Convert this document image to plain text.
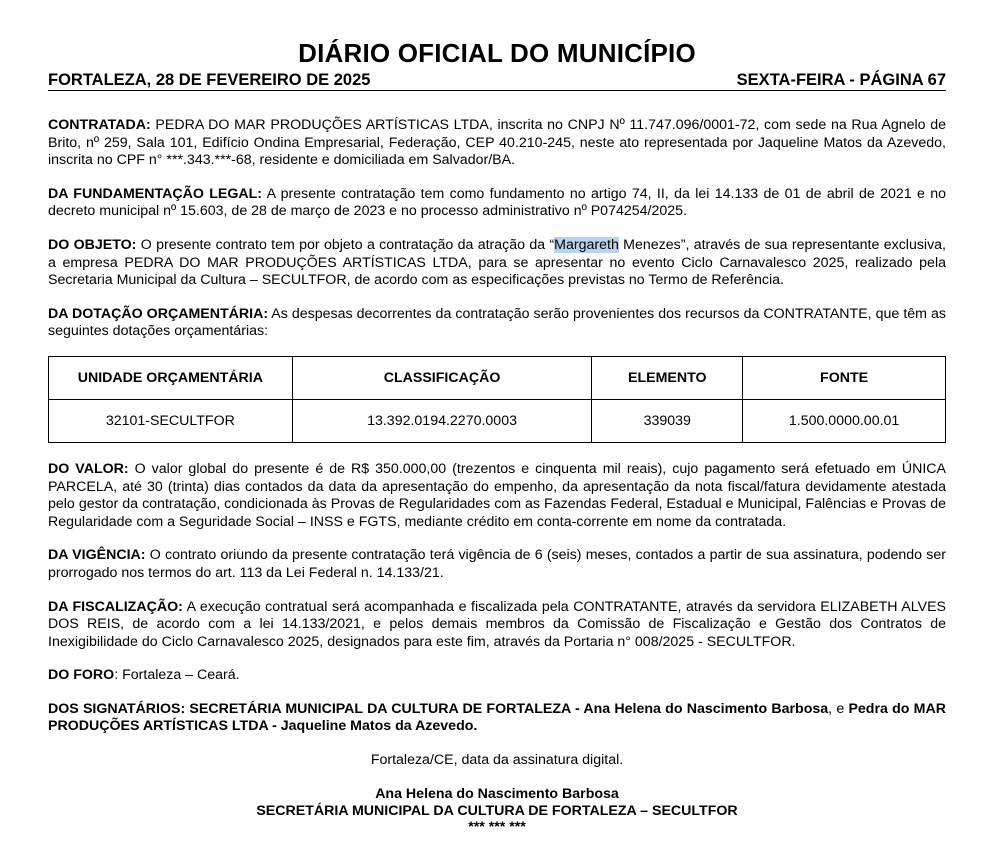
DIÁRIO OFICIAL DO MUNICÍPIO
FORTALEZA, 28 DE FEVEREIRO DE 2025	SEXTA-FEIRA - PÁGINA 67

CONTRATADA: PEDRA DO MAR PRODUÇÕES ARTÍSTICAS LTDA, inscrita no CNPJ Nº 11.747.096/0001-72, com sede na Rua Agnelo de Brito, nº 259, Sala 101, Edifício Ondina Empresarial, Federação, CEP 40.210-245, neste ato representada por Jaqueline Matos da Azevedo, inscrita no CPF n° ***.343.***-68, residente e domiciliada em Salvador/BA.

DA FUNDAMENTAÇÃO LEGAL: A presente contratação tem como fundamento no artigo 74, II, da lei 14.133 de 01 de abril de 2021 e no decreto municipal nº 15.603, de 28 de março de 2023 e no processo administrativo nº P074254/2025.

DO OBJETO: O presente contrato tem por objeto a contratação da atração da “Margareth Menezes”, através de sua representante exclusiva, a empresa PEDRA DO MAR PRODUÇÕES ARTÍSTICAS LTDA, para se apresentar no evento Ciclo Carnavalesco 2025, realizado pela Secretaria Municipal da Cultura – SECULTFOR, de acordo com as especificações previstas no Termo de Referência.

DA DOTAÇÃO ORÇAMENTÁRIA: As despesas decorrentes da contratação serão provenientes dos recursos da CONTRATANTE, que têm as seguintes dotações orçamentárias:

UNIDADE ORÇAMENTÁRIA	CLASSIFICAÇÃO	ELEMENTO	FONTE
32101-SECULTFOR	13.392.0194.2270.0003	339039	1.500.0000.00.01

DO VALOR: O valor global do presente é de R$ 350.000,00 (trezentos e cinquenta mil reais), cujo pagamento será efetuado em ÚNICA PARCELA, até 30 (trinta) dias contados da data da apresentação do empenho, da apresentação da nota fiscal/fatura devidamente atestada pelo gestor da contratação, condicionada às Provas de Regularidades com as Fazendas Federal, Estadual e Municipal, Falências e Provas de Regularidade com a Seguridade Social – INSS e FGTS, mediante crédito em conta-corrente em nome da contratada.

DA VIGÊNCIA: O contrato oriundo da presente contratação terá vigência de 6 (seis) meses, contados a partir de sua assinatura, podendo ser prorrogado nos termos do art. 113 da Lei Federal n. 14.133/21.

DA FISCALIZAÇÃO: A execução contratual será acompanhada e fiscalizada pela CONTRATANTE, através da servidora ELIZABETH ALVES DOS REIS, de acordo com a lei 14.133/2021, e pelos demais membros da Comissão de Fiscalização e Gestão dos Contratos de Inexigibilidade do Ciclo Carnavalesco 2025, designados para este fim, através da Portaria n° 008/2025 - SECULTFOR.

DO FORO: Fortaleza – Ceará.

DOS SIGNATÁRIOS: SECRETÁRIA MUNICIPAL DA CULTURA DE FORTALEZA - Ana Helena do Nascimento Barbosa, e Pedra do MAR PRODUÇÕES ARTÍSTICAS LTDA - Jaqueline Matos da Azevedo.

Fortaleza/CE, data da assinatura digital.
Ana Helena do Nascimento Barbosa
SECRETÁRIA MUNICIPAL DA CULTURA DE FORTALEZA – SECULTFOR
*** *** ***
